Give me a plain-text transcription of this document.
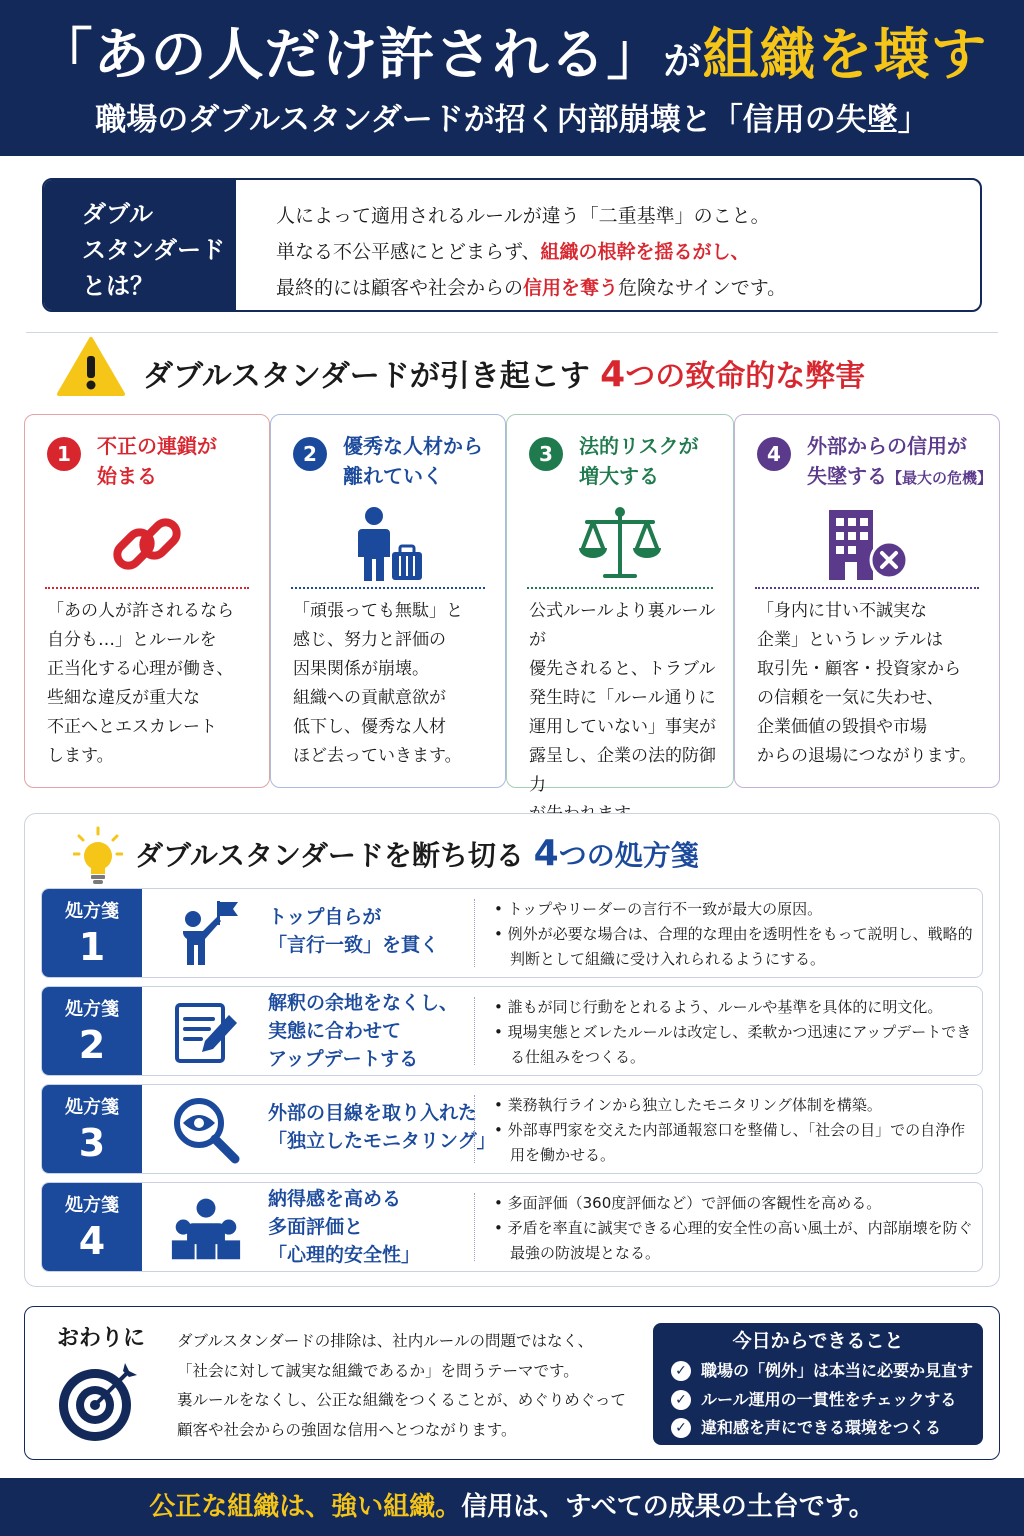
「あの人だけ許される」が組織を壊す
職場のダブルスタンダードが招く内部崩壊と「信用の失墜」
ダブル
スタンダード
とは？
人によって適用されるルールが違う「二重基準」のこと。
単なる不公平感にとどまらず、組織の根幹を揺るがし、
最終的には顧客や社会からの信用を奪う危険なサインです。
ダブルスタンダードが引き起こす 4つの致命的な弊害
1	不正の連鎖が
始まる
「あの人が許されるなら
自分も…」とルールを
正当化する心理が働き、
些細な違反が重大な
不正へとエスカレート
します。
2	優秀な人材から
離れていく
「頑張っても無駄」と
感じ、努力と評価の
因果関係が崩壊。
組織への貢献意欲が
低下し、優秀な人材
ほど去っていきます。
3	法的リスクが
増大する
公式ルールより裏ルールが
優先されると、トラブル
発生時に「ルール通りに
運用していない」事実が
露呈し、企業の法的防御力

4	外部からの信用が
失墜する【最大の危機】
「身内に甘い不誠実な
企業」というレッテルは
取引先・顧客・投資家から
の信頼を一気に失わせ、
企業価値の毀損や市場
からの退場につながります。
ダブルスタンダードを断ち切る 4つの処方箋
処方箋
1
トップ自らが
「言行一致」を貫く
• トップやリーダーの言行不一致が最大の原因。
• 例外が必要な場合は、合理的な理由を透明性をもって説明し、戦略的判断として組織に受け入れられるようにする。
処方箋
2
解釈の余地をなくし、
実態に合わせて
アップデートする
• 誰もが同じ行動をとれるよう、ルールや基準を具体的に明文化。
• 現場実態とズレたルールは改定し、柔軟かつ迅速にアップデートできる仕組みをつくる。
処方箋
3
外部の目線を取り入れた
「独立したモニタリング」
• 業務執行ラインから独立したモニタリング体制を構築。
• 外部専門家を交えた内部通報窓口を整備し、「社会の目」での自浄作用を働かせる。
処方箋
4
納得感を高める
多面評価と
「心理的安全性」
• 多面評価（360度評価など）で評価の客観性を高める。
• 矛盾を率直に誠実できる心理的安全性の高い風土が、内部崩壊を防ぐ最強の防波堤となる。
おわりに ダブルスタンダードの排除は、社内ルールの問題ではなく、
「社会に対して誠実な組織であるか」を問うテーマです。
裏ルールをなくし、公正な組織をつくることが、めぐりめぐって
顧客や社会からの強固な信用へとつながります。
今日からできること
✓ 職場の「例外」は本当に必要か見直す
✓ ルール運用の一貫性をチェックする
✓ 違和感を声にできる環境をつくる
公正な組織は、強い組織。信用は、すべての成果の土台です。
